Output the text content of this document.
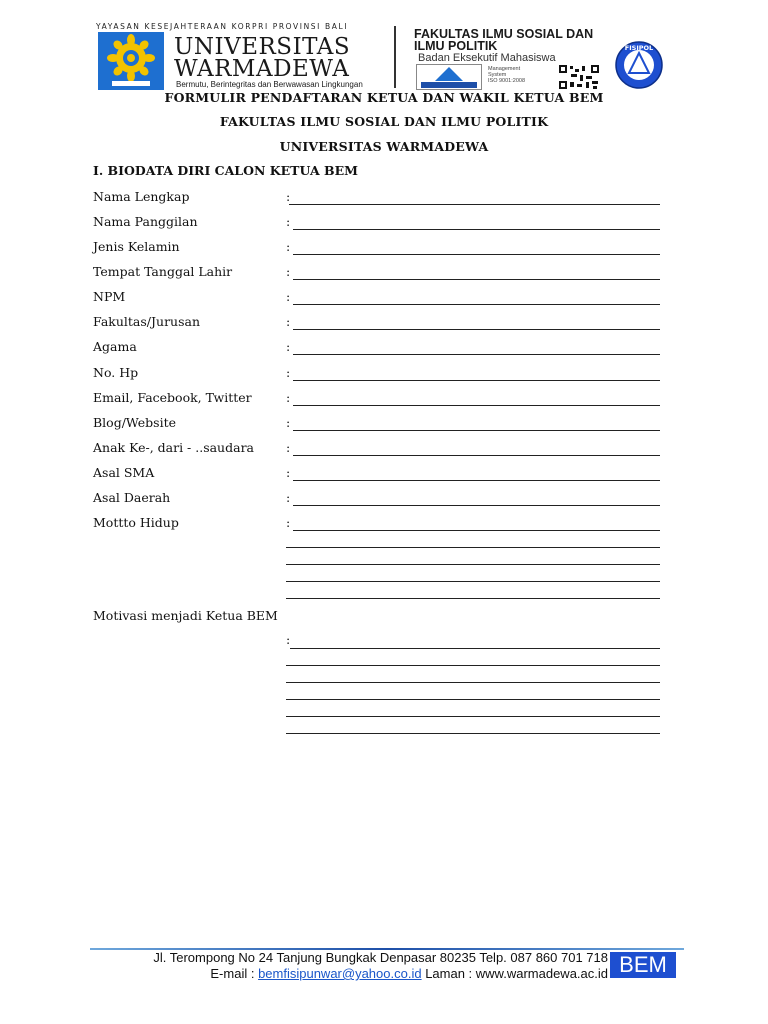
YAYASAN KESEJAHTERAAN KORPRI PROVINSI BALI
UNIVERSITAS
WARMADEWA
Bermutu, Berintegritas dan Berwawasan Lingkungan
FAKULTAS ILMU SOSIAL DAN
ILMU POLITIK
Badan Eksekutif Mahasiswa
Management
System
ISO 9001:2008
FISIPOL
FORMULIR PENDAFTARAN KETUA DAN WAKIL KETUA BEM
FAKULTAS ILMU SOSIAL DAN ILMU POLITIK
UNIVERSITAS WARMADEWA
I. BIODATA DIRI CALON KETUA BEM
Nama Lengkap	:
Nama Panggilan	:
Jenis Kelamin	:
Tempat Tanggal Lahir	:
NPM	:
Fakultas/Jurusan	:
Agama	:
No. Hp	:
Email, Facebook, Twitter	:
Blog/Website	:
Anak Ke-, dari - ..saudara	:
Asal SMA	:
Asal Daerah	:
Mottto Hidup	:
Motivasi menjadi Ketua BEM
:
Jl. Terompong No 24 Tanjung Bungkak Denpasar 80235 Telp. 087 860 701 718
E-mail : bemfisipunwar@yahoo.co.id Laman : www.warmadewa.ac.id BEM
